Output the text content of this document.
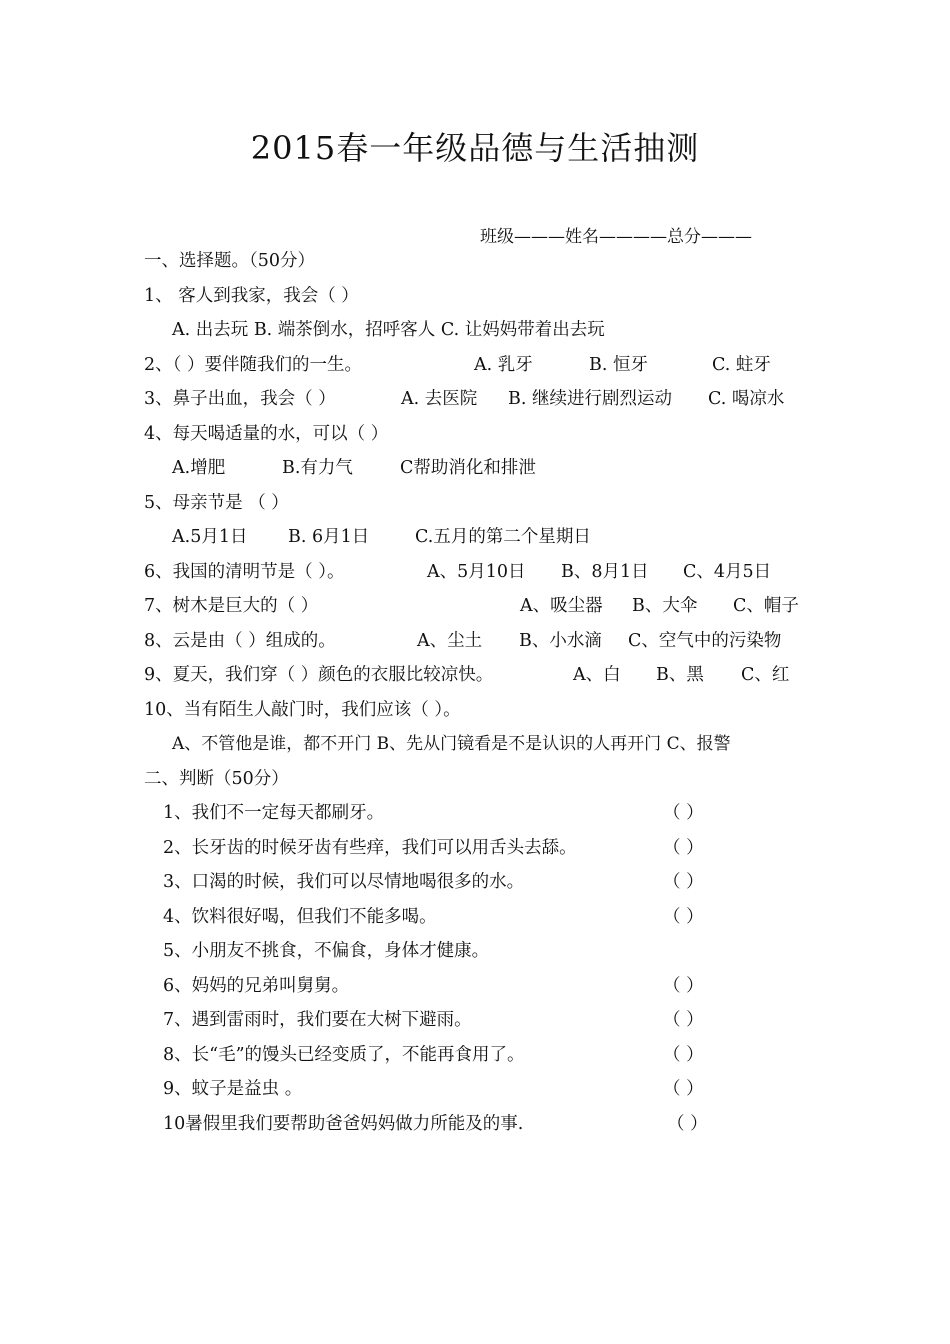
2015春一年级品德与生活抽测
班级———姓名————总分———
一、选择题。（50分）
1、 客人到我家，我会（ ）
A. 出去玩 B. 端茶倒水，招呼客人 C. 让妈妈带着出去玩
2、（ ）要伴随我们的一生。	A. 乳牙	B. 恒牙	C. 蛀牙
3、鼻子出血，我会（ ）	A. 去医院 B. 继续进行剧烈运动 C. 喝凉水
4、每天喝适量的水，可以（ ）
A.增肥	B.有力气	C帮助消化和排泄
5、母亲节是 （ ）
A.5月1日 B. 6月1日	C.五月的第二个星期日
6、我国的清明节是（ ）。	A、5月10日 B、8月1日 C、4月5日
7、树木是巨大的（ ）	A、吸尘器 B、大伞 C、帽子
8、云是由（ ）组成的。	A、尘土 B、小水滴 C、空气中的污染物
9、夏天，我们穿（ ）颜色的衣服比较凉快。	A、白 B、黑 C、红
10、当有陌生人敲门时，我们应该（ ）。
A、不管他是谁，都不开门 B、先从门镜看是不是认识的人再开门 C、报警
二、判断（50分）
1、我们不一定每天都刷牙。	（ ）
2、长牙齿的时候牙齿有些痒，我们可以用舌头去舔。	（ ）
3、口渴的时候，我们可以尽情地喝很多的水。	（ ）
4、饮料很好喝，但我们不能多喝。	（ ）
5、小朋友不挑食，不偏食，身体才健康。
6、妈妈的兄弟叫舅舅。	（ ）
7、遇到雷雨时，我们要在大树下避雨。	（ ）
8、长“毛”的馒头已经变质了，不能再食用了。	（ ）
9、蚊子是益虫 。	（ ）
10暑假里我们要帮助爸爸妈妈做力所能及的事.	（ ）
